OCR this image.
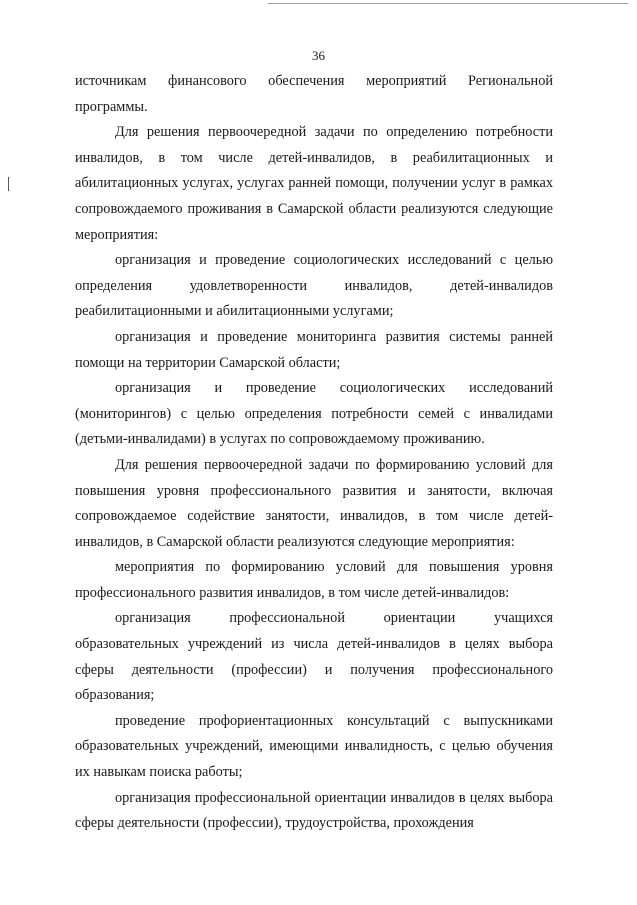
36

источникам финансового обеспечения мероприятий Региональной программы.

Для решения первоочередной задачи по определению потребности инвалидов, в том числе детей-инвалидов, в реабилитационных и абилитационных услугах, услугах ранней помощи, получении услуг в рамках сопровождаемого проживания в Самарской области реализуются следующие мероприятия:

организация и проведение социологических исследований с целью определения удовлетворенности инвалидов, детей-инвалидов реабилитационными и абилитационными услугами;

организация и проведение мониторинга развития системы ранней помощи на территории Самарской области;

организация и проведение социологических исследований (мониторингов) с целью определения потребности семей с инвалидами (детьми-инвалидами) в услугах по сопровождаемому проживанию.

Для решения первоочередной задачи по формированию условий для повышения уровня профессионального развития и занятости, включая сопровождаемое содействие занятости, инвалидов, в том числе детей-инвалидов, в Самарской области реализуются следующие мероприятия:

мероприятия по формированию условий для повышения уровня профессионального развития инвалидов, в том числе детей-инвалидов:

организация профессиональной ориентации учащихся образовательных учреждений из числа детей-инвалидов в целях выбора сферы деятельности (профессии) и получения профессионального образования;

проведение профориентационных консультаций с выпускниками образовательных учреждений, имеющими инвалидность, с целью обучения их навыкам поиска работы;

организация профессиональной ориентации инвалидов в целях выбора сферы деятельности (профессии), трудоустройства, прохождения
